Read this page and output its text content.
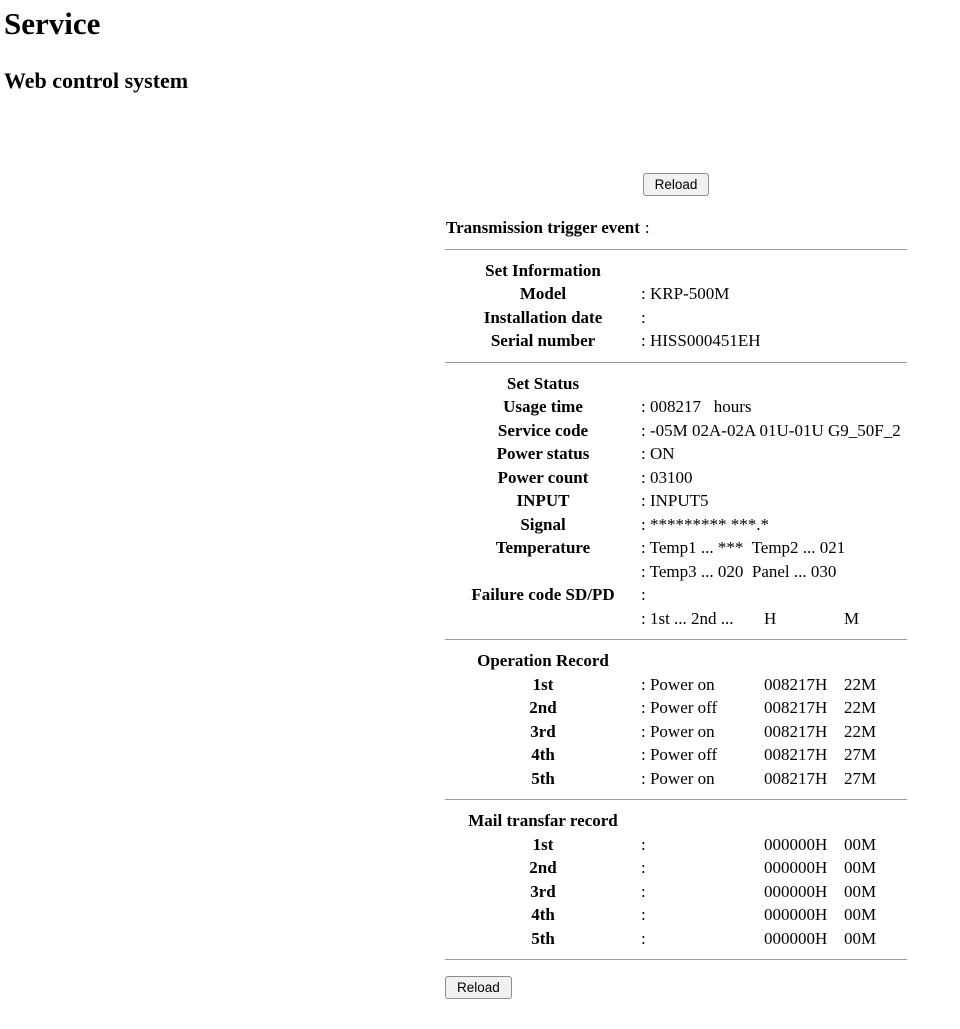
Service
Web control system
Reload

Transmission trigger event :

Set Information	
Model	: KRP-500M
Installation date	:
Serial number	: HISS000451EH
Set Status			
Usage time	: 008217   hours		
Service code	: -05M 02A-02A 01U-01U G9_50F_2		
Power status	: ON		
Power count	: 03100		
INPUT	: INPUT5		
Signal	: ********* ***.*		
Temperature	: Temp1 ... ***  Temp2 ... 021		
	: Temp3 ... 020  Panel ... 030		
Failure code SD/PD	:		
	: 1st ... 2nd ...	H	M
Operation Record			
1st	: Power on	008217H	22M
2nd	: Power off	008217H	22M
3rd	: Power on	008217H	22M
4th	: Power off	008217H	27M
5th	: Power on	008217H	27M
Mail transfar record			
1st	:	000000H	00M
2nd	:	000000H	00M
3rd	:	000000H	00M
4th	:	000000H	00M
5th	:	000000H	00M
Reload
